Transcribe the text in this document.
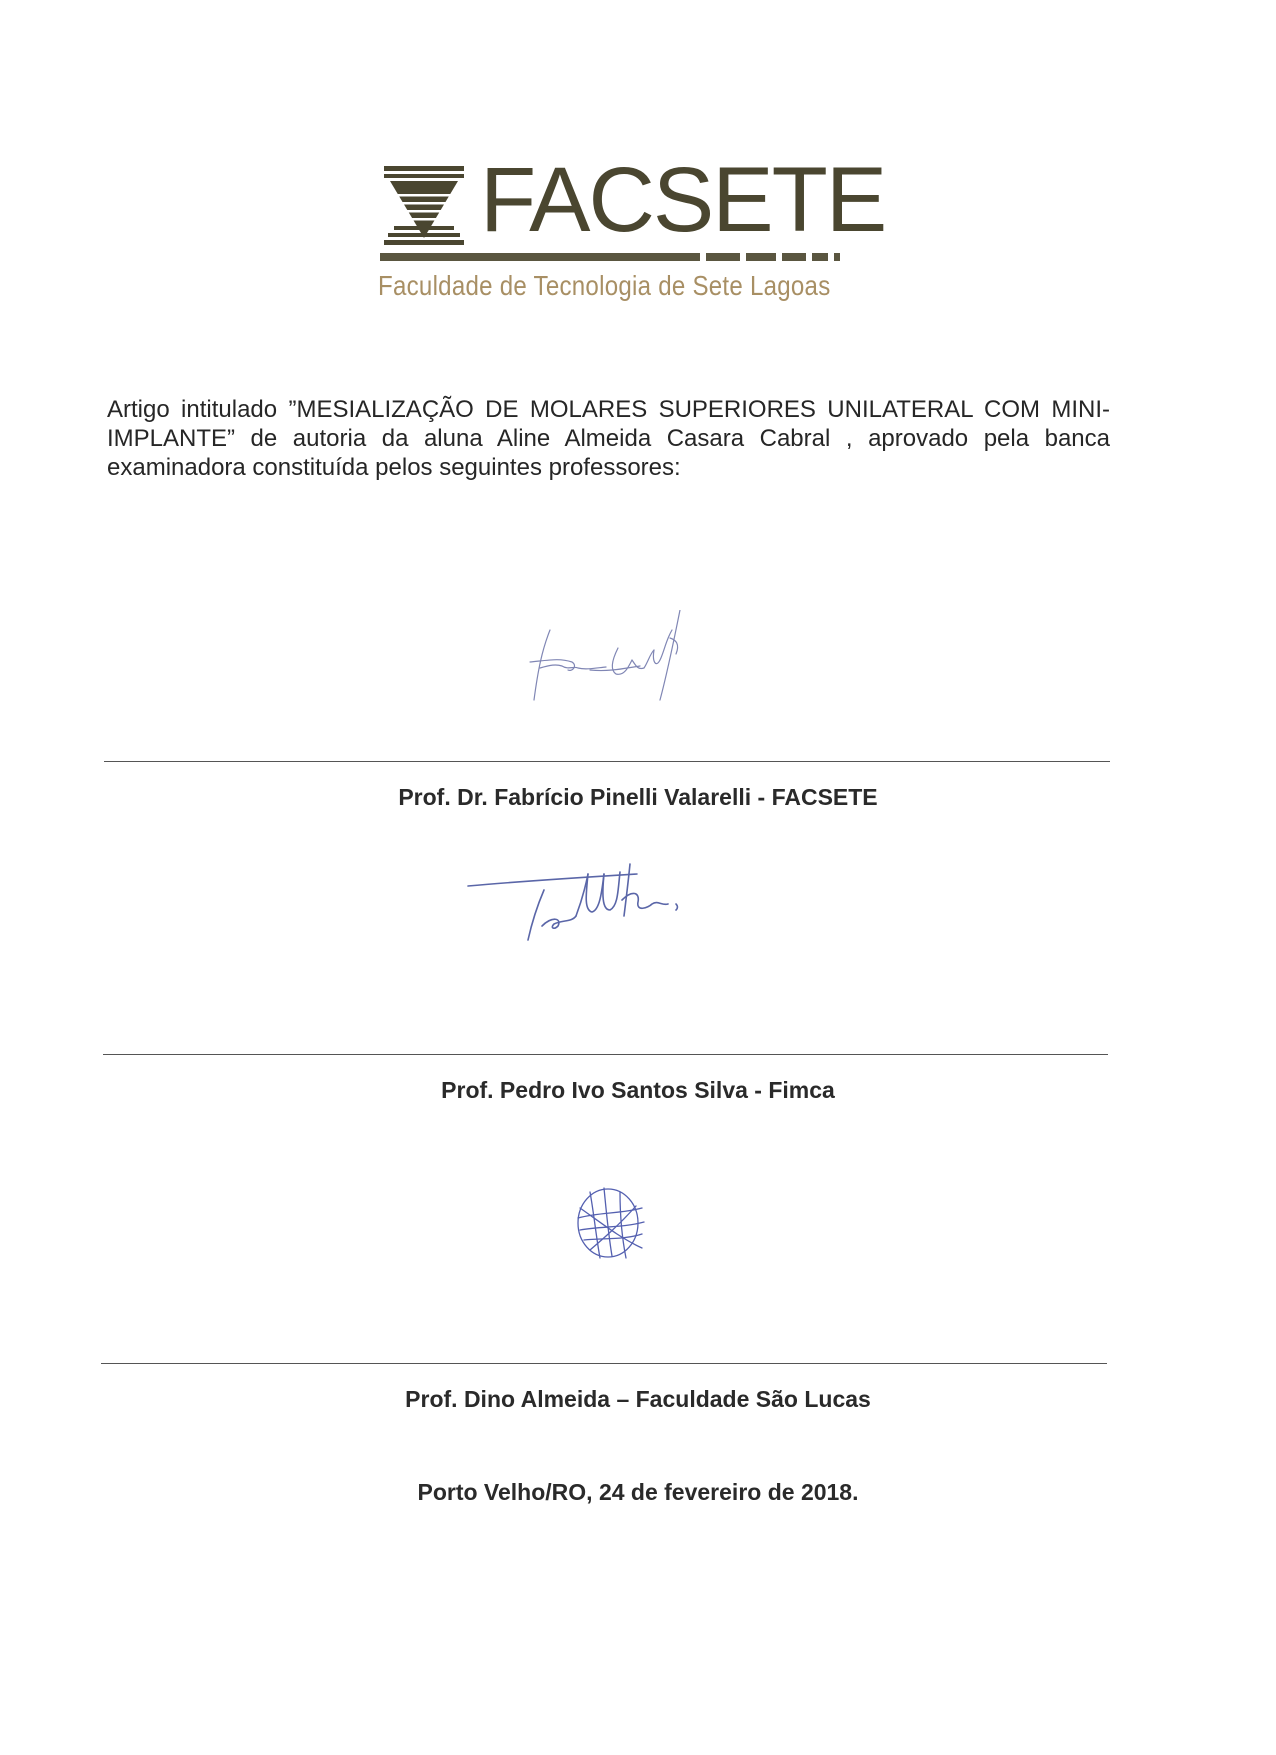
FACSETE
Faculdade de Tecnologia de Sete Lagoas
Artigo intitulado ”MESIALIZAÇÃO DE MOLARES SUPERIORES UNILATERAL COM MINI-IMPLANTE” de autoria da aluna Aline Almeida Casara Cabral , aprovado pela banca examinadora constituída pelos seguintes professores:
Prof. Dr. Fabrício Pinelli Valarelli - FACSETE
Prof. Pedro Ivo Santos Silva - Fimca
Prof. Dino Almeida – Faculdade São Lucas
Porto Velho/RO, 24 de fevereiro de 2018.
